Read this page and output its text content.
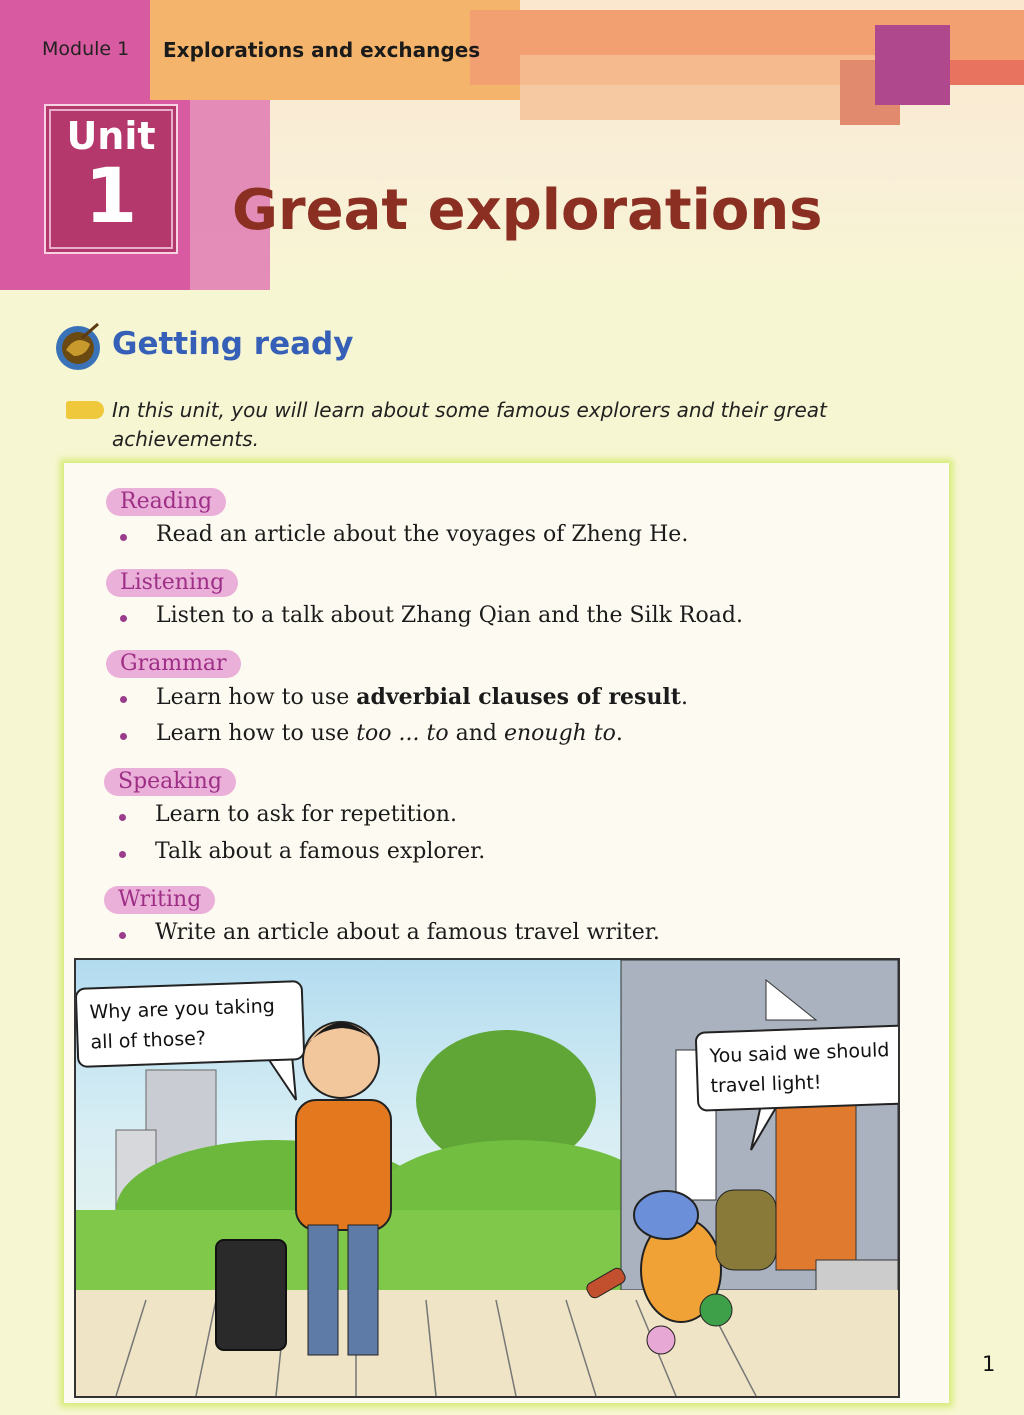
Module 1 Explorations and exchanges
Unit
1	Great explorations
Getting ready
In this unit, you will learn about some famous explorers and their great achievements.
Reading
Read an article about the voyages of Zheng He.
Listening
Listen to a talk about Zhang Qian and the Silk Road.
Grammar
Learn how to use adverbial clauses of result.
Learn how to use too ... to and enough to.
Speaking
Learn to ask for repetition.
Talk about a famous explorer.
Writing
Write an article about a famous travel writer.
Why are you taking all of those?	You said we should travel light!
1
